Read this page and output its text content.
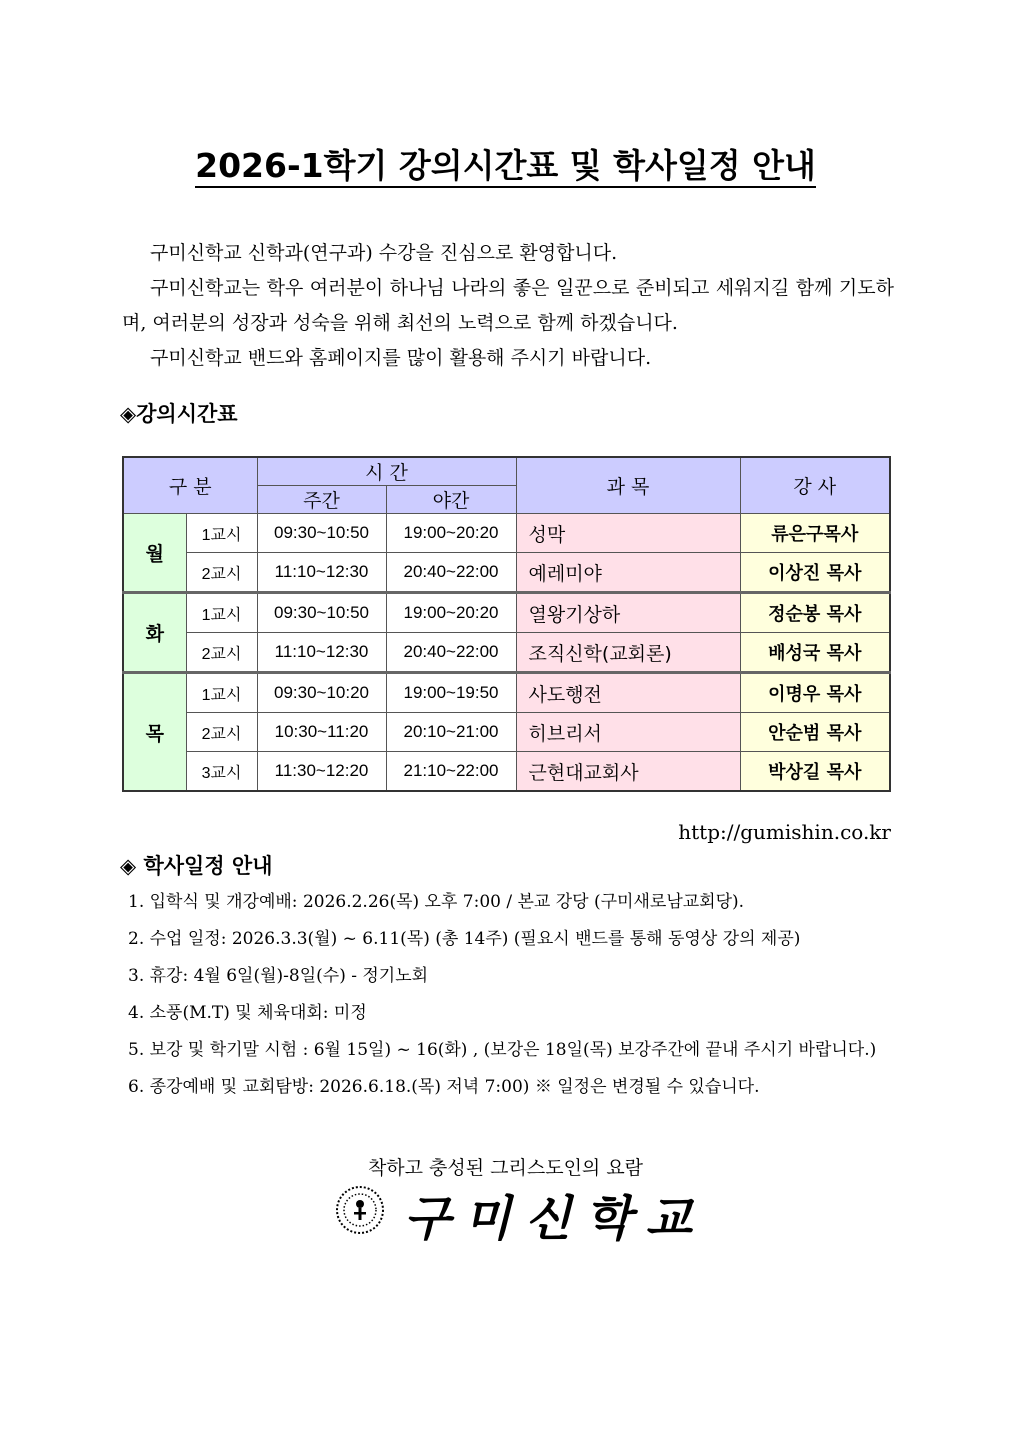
2026-1학기 강의시간표 및 학사일정 안내

구미신학교 신학과(연구과) 수강을 진심으로 환영합니다.

구미신학교는 학우 여러분이 하나님 나라의 좋은 일꾼으로 준비되고 세워지길 함께 기도하며, 여러분의 성장과 성숙을 위해 최선의 노력으로 함께 하겠습니다.

구미신학교 밴드와 홈페이지를 많이 활용해 주시기 바랍니다.

◈강의시간표
구 분		시 간		과 목	강 사
		주간	야간		
월	1교시	09:30~10:50	19:00~20:20	성막	류은구목사
	2교시	11:10~12:30	20:40~22:00	예레미야	이상진 목사
화	1교시	09:30~10:50	19:00~20:20	열왕기상하	정순봉 목사
	2교시	11:10~12:30	20:40~22:00	조직신학(교회론)	배성국 목사
목	1교시	09:30~10:20	19:00~19:50	사도행전	이명우 목사
	2교시	10:30~11:20	20:10~21:00	히브리서	안순범 목사
	3교시	11:30~12:20	21:10~22:00	근현대교회사	박상길 목사
http://gumishin.co.kr
◈ 학사일정 안내
1. 입학식 및 개강예배: 2026.2.26(목) 오후 7:00 / 본교 강당 (구미새로남교회당).
2. 수업 일정: 2026.3.3(월) ~ 6.11(목) (총 14주) (필요시 밴드를 통해 동영상 강의 제공)
3. 휴강: 4월 6일(월)-8일(수) - 정기노회
4. 소풍(M.T) 및 체육대회: 미정
5. 보강 및 학기말 시험 : 6월 15일) ~ 16(화) , (보강은 18일(목) 보강주간에 끝내 주시기 바랍니다.)
6. 종강예배 및 교회탐방: 2026.6.18.(목) 저녁 7:00) ※ 일정은 변경될 수 있습니다.
착하고 충성된 그리스도인의 요람
구미신학교
